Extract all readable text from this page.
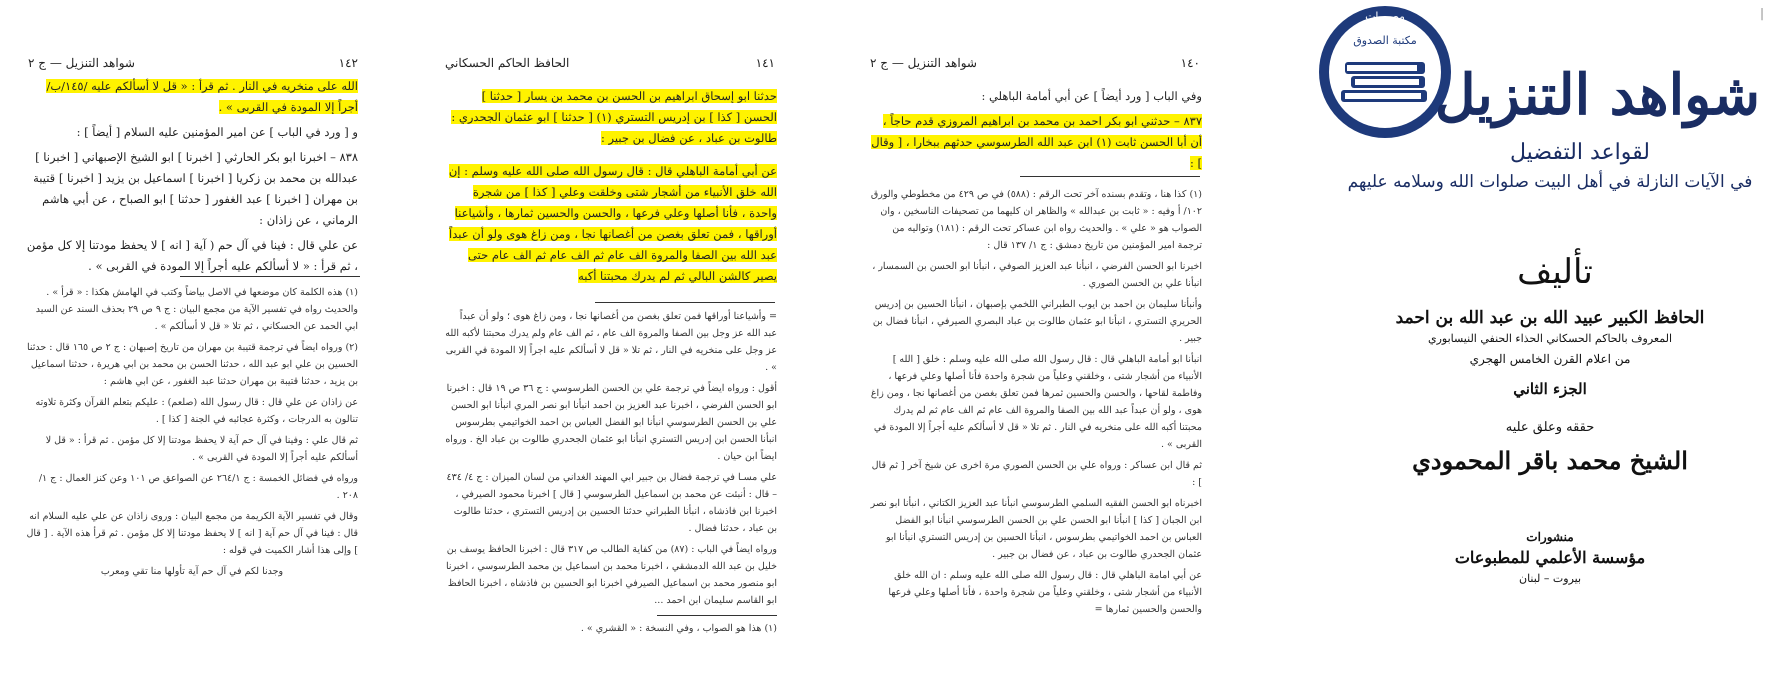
١٤٢
شواهد التنزيل — ج ٢

الله على منخريه في النار . ثم قرأ : « قل لا أسألكم عليه /١٤٥/ب/ أجراً إلا المودة في القربى » .

و [ ورد في الباب ] عن امير المؤمنين عليه السلام [ أيضاً ] :

٨٣٨ – اخبرنا ابو بكر الحارثي [ اخبرنا ] ابو الشيخ الإصبهاني [ اخبرنا ] عبدالله بن محمد بن زكريا [ اخبرنا ] اسماعيل بن يزيد [ اخبرنا ] قتيبة بن مهران [ اخبرنا ] عبد الغفور [ حدثنا ] ابو الصباح ، عن أبي هاشم الرماني ، عن زاذان :

عن علي قال : فينا في آل حم ( آية [ انه ] لا يحفظ مودتنا إلا كل مؤمن ، ثم قرأ : « لا أسألكم عليه أجراً إلا المودة في القربى » .

(١) هذه الكلمة كان موضعها في الاصل بياضاً وكتب في الهامش هكذا : « قرأ » . والحديث رواه في تفسير الآية من مجمع البيان : ج ٩ ص ٢٩ بحذف السند عن السيد ابي الحمد عن الحسكاني ، ثم تلا « قل لا أسألكم » .

(٢) ورواه ايضاً في ترجمة قتيبة بن مهران من تاريخ إصبهان : ج ٢ ص ١٦٥ قال : حدثنا الحسين بن علي ابو عبد الله ، حدثنا الحسن بن محمد بن ابي هريرة ، حدثنا اسماعيل بن يزيد ، حدثنا قتيبة بن مهران حدثنا عبد الغفور ، عن ابي هاشم :

عن زاذان عن علي قال : قال رسول الله (صلعم) : عليكم بتعلم القرآن وكثرة تلاوته تنالون به الدرجات ، وكثرة عجائبه في الجنة [ كذا ] .

ثم قال علي : وفينا في آل حم آية لا يحفظ مودتنا إلا كل مؤمن . ثم قرأ : « قل لا أسألكم عليه أجراً إلا المودة في القربى » .

ورواه في فضائل الخمسة : ج ٢٦٤/١ عن الصواعق ص ١٠١ وعن كنز العمال : ج ١/ ٢٠٨ .

وقال في تفسير الآية الكريمة من مجمع البيان : وروى زاذان عن علي عليه السلام انه قال : فينا في آل حم آية [ انه ] لا يحفظ مودتنا إلا كل مؤمن . ثم قرأ هذه الآية . [ قال ] وإلى هذا أشار الكميت في قوله :

وجدنا لكم في آل حم آية تأولها منا تقي ومعرب

الحافظ الحاكم الحسكاني	١٤١

حدثنا ابو إسحاق ابراهيم بن الحسن بن محمد بن يسار [ حدثنا ] الحسن [ كذا ] بن إدريس التستري (١) [ حدثنا ] ابو عثمان الجحدري : طالوت بن عباد ، عن فضال بن جبير :

عن أبي أمامة الباهلي قال : قال رسول الله صلى الله عليه وسلم : إن الله خلق الأنبياء من أشجار شتى وخلقت وعلي [ كذا ] من شجرة واحدة ، فأنا أصلها وعلي فرعها ، والحسن والحسين ثمارها ، وأشياعنا أوراقها ، فمن تعلق بغصن من أغصانها نجا ، ومن زاغ هوى ولو أن عبداً عبد الله بين الصفا والمروة الف عام ثم الف عام ثم الف عام حتى يصير كالشن البالي ثم لم يدرك محبتنا أكبه

= وأشياعنا أوراقها فمن تعلق بغصن من أغصانها نجا ، ومن زاغ هوى ؛ ولو أن عبداً عبد الله عز وجل بين الصفا والمروة الف عام ، ثم الف عام ولم يدرك محبتنا لأكبه الله عز وجل على منخريه في النار ، ثم تلا « قل لا أسألكم عليه اجراً إلا المودة في القربى » .

أقول : ورواه ايضاً في ترجمة علي بن الحسن الطرسوسي : ج ٣٦ ص ١٩ قال : اخبرنا ابو الحسن الفرضي ، اخبرنا عبد العزيز بن احمد انبأنا ابو نصر المري انبأنا ابو الحسن علي بن الحسن الطرسوسي انبأنا ابو الفضل العباس بن احمد الخواتيمي بطرسوس انبأنا الحسن ابن إدريس التستري انبأنا ابو عثمان الجحدري طالوت بن عباد الخ . ورواه ايضاً ابن حيان .

علي مسـا في ترجمة فضال بن جبير ابي المهند الغداني من لسان الميزان : ج ٤/ ٤٣٤ – قال : أنبئت عن محمد بن اسماعيل الطرسوسي [ قال ] اخبرنا محمود الصيرفي ، اخبرنا ابن فاذشاه ، انبأنا الطبراني حدثنا الحسين بن إدريس التستري ، حدثنا طالوت بن عباد ، حدثنا فضال .

ورواه ايضاً في الباب : (٨٧) من كفاية الطالب ص ٣١٧ قال : اخبرنا الحافظ يوسف بن خليل بن عبد الله الدمشقي ، اخبرنا محمد بن اسماعيل بن محمد الطرسوسي ، اخبرنا ابو منصور محمد بن اسماعيل الصيرفي اخبرنا ابو الحسين بن فاذشاه ، اخبرنا الحافظ ابو القاسم سليمان ابن احمد ...

(١) هذا هو الصواب ، وفي النسخة : « القشري » .

١٤٠
شواهد التنزيل — ج ٢

وفي الباب [ ورد أيضاً ] عن أبي أمامة الباهلي :

٨٣٧ – حدثني ابو بكر احمد بن محمد بن ابراهيم المروزي قدم حاجاً ، أن أبا الحسن ثابت (١) ابن عبد الله الطرسوسي حدثهم ببخارا ، [ وقال ] :

(١) كذا هنا ، وتقدم بسنده آخر تحت الرقم : (٥٨٨) في ص ٤٢٩ من مخطوطي والورق ١٠٢/ أ وفيه : « ثابت بن عبدالله » والظاهر ان كليهما من تصحيفات الناسخين ، وان الصواب هو « علي » . والحديث رواه ابن عساكر تحت الرقم : (١٨١) وتواليه من ترجمة امير المؤمنين من تاريخ دمشق : ج ١/ ١٣٧ قال :

اخبرنا ابو الحسن الفرضي ، انبأنا عبد العزيز الصوفي ، انبأنا ابو الحسن بن السمسار ، انبأنا علي بن الحسن الصوري .

وأنبأنا سليمان بن احمد بن ايوب الطبراني اللخمي بإصبهان ، انبأنا الحسين بن إدريس الحريري التستري ، انبأنا ابو عثمان طالوت بن عباد البصري الصيرفي ، انبأنا فضال بن جبير .

انبأنا ابو أمامة الباهلي قال : قال رسول الله صلى الله عليه وسلم : خلق [ الله ] الأنبياء من أشجار شتى ، وخلقني وعلياً من شجرة واحدة فأنا أصلها وعلي فرعها ، وفاطمة لقاحها ، والحسن والحسين ثمرها فمن تعلق بغصن من أغصانها نجا ، ومن زاغ هوى ، ولو أن عبداً عبد الله بين الصفا والمروة الف عام ثم الف عام ثم لم يدرك محبتنا أكبه الله على منخريه في النار . ثم تلا « قل لا أسألكم عليه أجراً إلا المودة في القربى » .

ثم قال ابن عساكر : ورواه علي بن الحسن الصوري مرة اخرى عن شيخ آخر [ ثم قال ] :

اخبرناه ابو الحسن الفقيه السلمي الطرسوسي انبأنا عبد العزيز الكتاني ، انبأنا ابو نصر ابن الجبان [ كذا ] انبأنا ابو الحسن علي بن الحسن الطرسوسي انبأنا ابو الفضل العباس بن احمد الخواتيمي بطرسوس ، انبأنا الحسين بن إدريس التستري انبأنا ابو عثمان الجحدري طالوت بن عباد ، عن فضال بن جبير .

عن أبي امامة الباهلي قال : قال رسول الله صلى الله عليه وسلم : ان الله خلق الأنبياء من أشجار شتى ، وخلقني وعلياً من شجرة واحدة ، فأنا أصلها وعلي فرعها والحسن والحسين ثمارها =

مصورات
مكتبة الصدوق
شواهد التنزيل
لقواعد التفضيل
في الآيات النازلة في أهل البيت صلوات الله وسلامه عليهم
تأليف
الحافظ الكبير عبيد الله بن عبد الله بن احمد
المعروف بالحاكم الحسكاني الحذاء الحنفي النيسابوري
من اعلام القرن الخامس الهجري
الجزء الثاني
حققه وعلق عليه
الشيخ محمد باقر المحمودي
منشورات
مؤسسة الأعلمي للمطبوعات
بيروت – لبنان
|
